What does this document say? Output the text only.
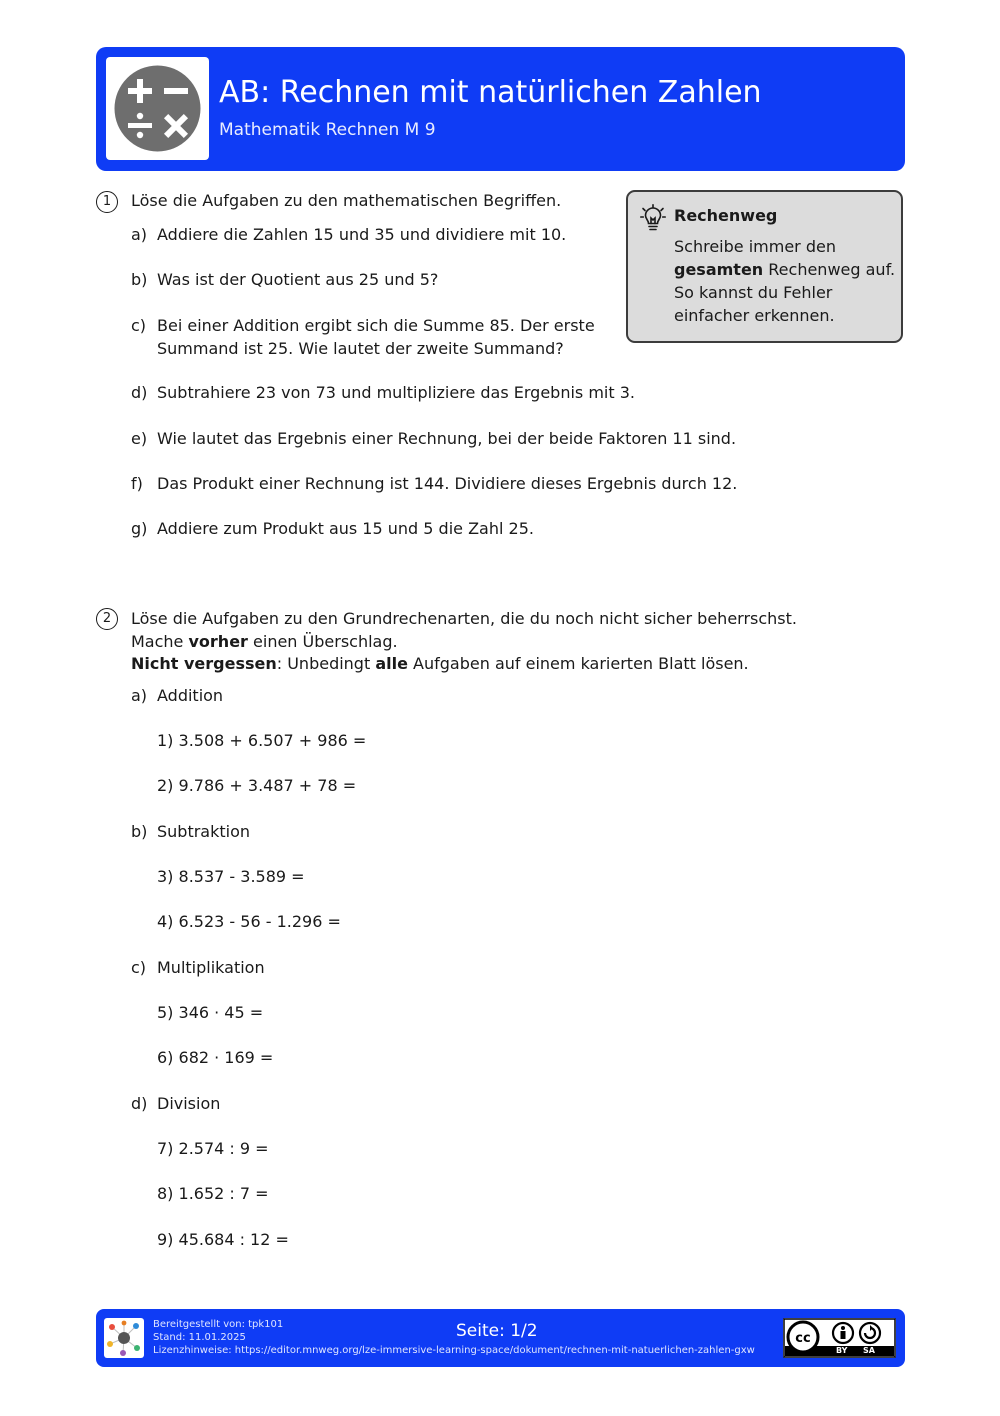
AB: Rechnen mit natürlichen Zahlen
Mathematik Rechnen M 9
Rechenweg
Schreibe immer den gesamten Rechenweg auf. So kannst du Fehler einfacher erkennen.
1	Löse die Aufgaben zu den mathematischen Begriffen.
a) Addiere die Zahlen 15 und 35 und dividiere mit 10.
b) Was ist der Quotient aus 25 und 5?
c) Bei einer Addition ergibt sich die Summe 85. Der erste
Summand ist 25. Wie lautet der zweite Summand?
d) Subtrahiere 23 von 73 und multipliziere das Ergebnis mit 3.
e) Wie lautet das Ergebnis einer Rechnung, bei der beide Faktoren 11 sind.
f) Das Produkt einer Rechnung ist 144. Dividiere dieses Ergebnis durch 12.
g) Addiere zum Produkt aus 15 und 5 die Zahl 25.
2	Löse die Aufgaben zu den Grundrechenarten, die du noch nicht sicher beherrschst.
Mache vorher einen Überschlag.
Nicht vergessen: Unbedingt alle Aufgaben auf einem karierten Blatt lösen.
a) Addition
1) 3.508 + 6.507 + 986 =
2) 9.786 + 3.487 + 78 =
b) Subtraktion
3) 8.537 - 3.589 =
4) 6.523 - 56 - 1.296 =
c) Multiplikation
5) 346 · 45 =
6) 682 · 169 =
d) Division
7) 2.574 : 9 =
8) 1.652 : 7 =
9) 45.684 : 12 =
Bereitgestellt von: tpk101
Stand: 11.01.2025
Lizenzhinweise: https://editor.mnweg.org/lze-immersive-learning-space/dokument/rechnen-mit-natuerlichen-zahlen-gxw
Seite: 1/2	cc
BY SA
